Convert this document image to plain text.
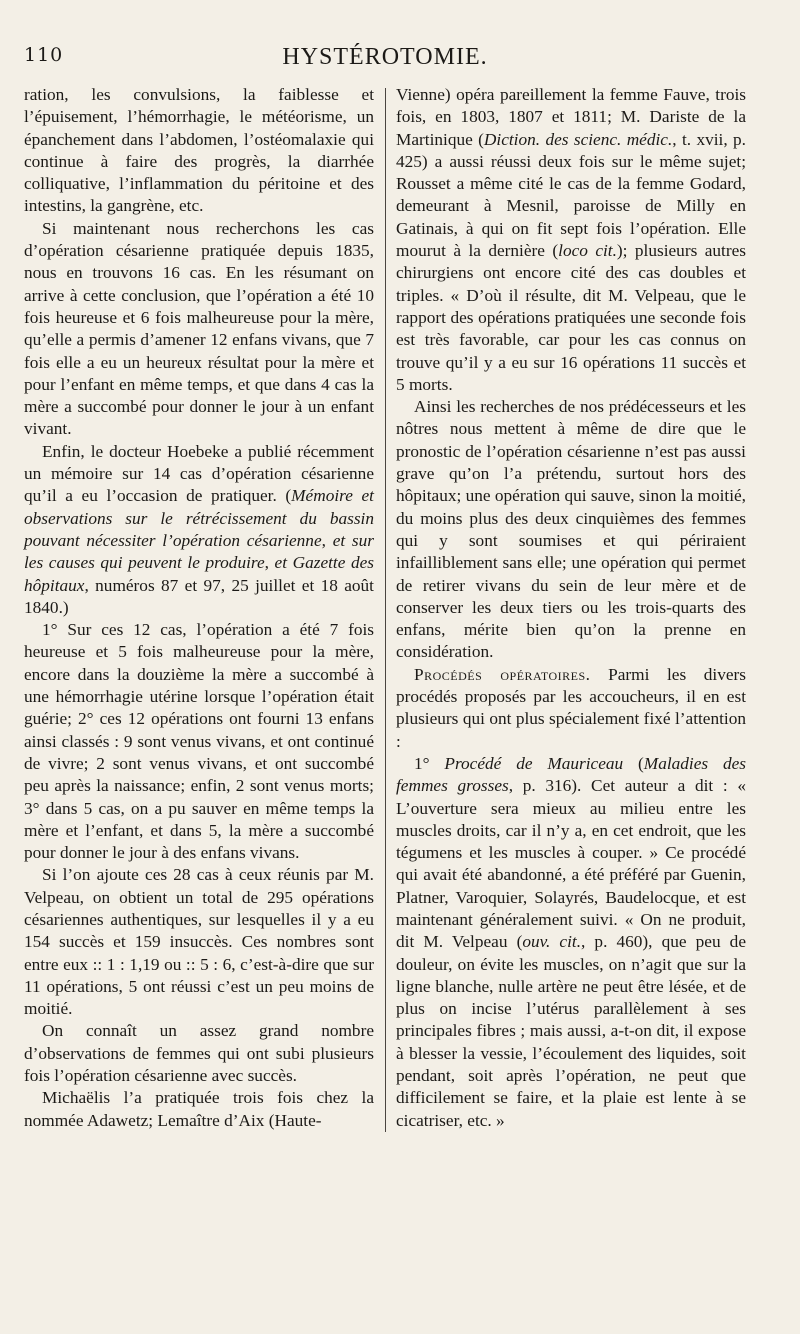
110	HYSTÉROTOMIE.

ration, les convulsions, la faiblesse et l’épuisement, l’hémorrhagie, le météorisme, un épanchement dans l’abdomen, l’ostéomalaxie qui continue à faire des progrès, la diarrhée colliquative, l’inflammation du péritoine et des intestins, la gangrène, etc.

Si maintenant nous recherchons les cas d’opération césarienne pratiquée depuis 1835, nous en trouvons 16 cas. En les résumant on arrive à cette conclusion, que l’opération a été 10 fois heureuse et 6 fois malheureuse pour la mère, qu’elle a permis d’amener 12 enfans vivans, que 7 fois elle a eu un heureux résultat pour la mère et pour l’enfant en même temps, et que dans 4 cas la mère a succombé pour donner le jour à un enfant vivant.

Enfin, le docteur Hoebeke a publié récemment un mémoire sur 14 cas d’opération césarienne qu’il a eu l’occasion de pratiquer. (Mémoire et observations sur le rétrécissement du bassin pouvant nécessiter l’opération césarienne, et sur les causes qui peuvent le produire, et Gazette des hôpitaux, numéros 87 et 97, 25 juillet et 18 août 1840.)

1° Sur ces 12 cas, l’opération a été 7 fois heureuse et 5 fois malheureuse pour la mère, encore dans la douzième la mère a succombé à une hémorrhagie utérine lorsque l’opération était guérie; 2° ces 12 opérations ont fourni 13 enfans ainsi classés : 9 sont venus vivans, et ont continué de vivre; 2 sont venus vivans, et ont succombé peu après la naissance; enfin, 2 sont venus morts; 3° dans 5 cas, on a pu sauver en même temps la mère et l’enfant, et dans 5, la mère a succombé pour donner le jour à des enfans vivans.

Si l’on ajoute ces 28 cas à ceux réunis par M. Velpeau, on obtient un total de 295 opérations césariennes authentiques, sur lesquelles il y a eu 154 succès et 159 insuccès. Ces nombres sont entre eux :: 1 : 1,19 ou :: 5 : 6, c’est-à-dire que sur 11 opérations, 5 ont réussi c’est un peu moins de moitié.

On connaît un assez grand nombre d’observations de femmes qui ont subi plusieurs fois l’opération césarienne avec succès.

Michaëlis l’a pratiquée trois fois chez la nommée Adawetz; Lemaître d’Aix (Haute-

Vienne) opéra pareillement la femme Fauve, trois fois, en 1803, 1807 et 1811; M. Dariste de la Martinique (Diction. des scienc. médic., t. xvii, p. 425) a aussi réussi deux fois sur le même sujet; Rousset a même cité le cas de la femme Godard, demeurant à Mesnil, paroisse de Milly en Gatinais, à qui on fit sept fois l’opération. Elle mourut à la dernière (loco cit.); plusieurs autres chirurgiens ont encore cité des cas doubles et triples. « D’où il résulte, dit M. Velpeau, que le rapport des opérations pratiquées une seconde fois est très favorable, car pour les cas connus on trouve qu’il y a eu sur 16 opérations 11 succès et 5 morts.

Ainsi les recherches de nos prédécesseurs et les nôtres nous mettent à même de dire que le pronostic de l’opération césarienne n’est pas aussi grave qu’on l’a prétendu, surtout hors des hôpitaux; une opération qui sauve, sinon la moitié, du moins plus des deux cinquièmes des femmes qui y sont soumises et qui périraient infailliblement sans elle; une opération qui permet de retirer vivans du sein de leur mère et de conserver les deux tiers ou les trois-quarts des enfans, mérite bien qu’on la prenne en considération.

Procédés opératoires. Parmi les divers procédés proposés par les accoucheurs, il en est plusieurs qui ont plus spécialement fixé l’attention :

1° Procédé de Mauriceau (Maladies des femmes grosses, p. 316). Cet auteur a dit : « L’ouverture sera mieux au milieu entre les muscles droits, car il n’y a, en cet endroit, que les tégumens et les muscles à couper. » Ce procédé qui avait été abandonné, a été préféré par Guenin, Platner, Varoquier, Solayrés, Baudelocque, et est maintenant généralement suivi. « On ne produit, dit M. Velpeau (ouv. cit., p. 460), que peu de douleur, on évite les muscles, on n’agit que sur la ligne blanche, nulle artère ne peut être lésée, et de plus on incise l’utérus parallèlement à ses principales fibres ; mais aussi, a-t-on dit, il expose à blesser la vessie, l’écoulement des liquides, soit pendant, soit après l’opération, ne peut que difficilement se faire, et la plaie est lente à se cicatriser, etc. »
